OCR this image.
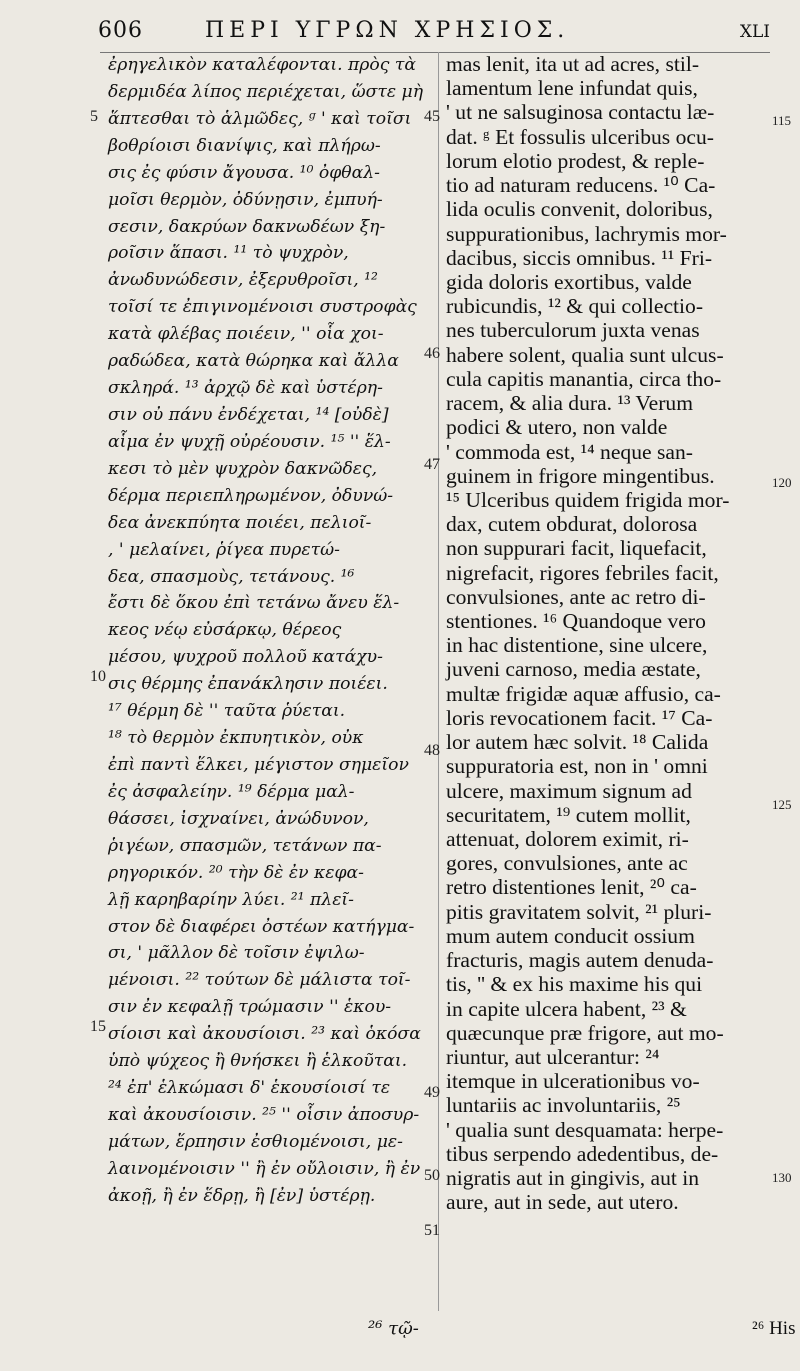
606	ΠΕΡΙ ΥΓΡΩΝ ΧΡΗΣΙΟΣ.	XLI
ἐρηγελικὸν καταλέφονται. πρὸς τὰ
δερμιδέα λίπος περιέχεται, ὥστε μὴ
ἅπτεσθαι τὸ ἁλμῶδες, ᵍ ' καὶ τοῖσι
βοθρίοισι διανίψις, καὶ πλήρω-
σις ἐς φύσιν ἄγουσα. ¹⁰ ὀφθαλ-
μοῖσι θερμὸν, ὀδύνῃσιν, ἐμπυή-
σεσιν, δακρύων δακνωδέων ξη-
ροῖσιν ἅπασι. ¹¹ τὸ ψυχρὸν,
ἀνωδυνώδεσιν, ἐξερυθροῖσι, ¹²
τοῖσί τε ἐπιγινομένοισι συστροφὰς
κατὰ φλέβας ποιέειν, '' οἷα χοι-
ραδώδεα, κατὰ θώρηκα καὶ ἄλλα
σκληρά. ¹³ ἀρχῷ δὲ καὶ ὑστέρη-
σιν οὐ πάνυ ἐνδέχεται, ¹⁴ [οὐδὲ]
αἷμα ἐν ψυχῇ οὐρέουσιν. ¹⁵ '' ἕλ-
κεσι τὸ μὲν ψυχρὸν δακνῶδες,
δέρμα περιεπληρωμένον, ὀδυνώ-
δεα ἀνεκπύητα ποιέει, πελιοῖ-
, ' μελαίνει, ῥίγεα πυρετώ-
δεα, σπασμοὺς, τετάνους. ¹⁶
ἔστι δὲ ὅκου ἐπὶ τετάνω ἄνευ ἕλ-
κεος νέῳ εὐσάρκῳ, θέρεος
μέσου, ψυχροῦ πολλοῦ κατάχυ-
σις θέρμης ἐπανάκλησιν ποιέει.
¹⁷ θέρμη δὲ '' ταῦτα ῥύεται.
¹⁸ τὸ θερμὸν ἐκπυητικὸν, οὐκ
ἐπὶ παντὶ ἕλκει, μέγιστον σημεῖον
ἐς ἀσφαλείην. ¹⁹ δέρμα μαλ-
θάσσει, ἰσχναίνει, ἀνώδυνον,
ῥιγέων, σπασμῶν, τετάνων πα-
ρηγορικόν. ²⁰ τὴν δὲ ἐν κεφα-
λῇ καρηβαρίην λύει. ²¹ πλεῖ-
στον δὲ διαφέρει ὀστέων κατήγμα-
σι, ' μᾶλλον δὲ τοῖσιν ἐψιλω-
μένοισι. ²² τούτων δὲ μάλιστα τοῖ-
σιν ἐν κεφαλῇ τρώμασιν '' ἑκου-
σίοισι καὶ ἀκουσίοισι. ²³ καὶ ὁκόσα
ὑπὸ ψύχεος ἢ θνήσκει ἢ ἑλκοῦται.
²⁴ ἐπ' ἑλκώμασι δ' ἑκουσίοισί τε
καὶ ἀκουσίοισιν. ²⁵ '' οἷσιν ἀποσυρ-
μάτων, ἕρπησιν ἐσθιομένοισι, με-
λαινομένοισιν '' ἢ ἐν οὔλοισιν, ἢ ἐν
ἀκοῇ, ἢ ἐν ἕδρῃ, ἢ [ἐν] ὑστέρῃ.
mas lenit, ita ut ad acres, stil-
lamentum lene infundat quis,
' ut ne salsuginosa contactu læ-
dat. ᵍ Et fossulis ulceribus ocu-
lorum elotio prodest, & reple-
tio ad naturam reducens. ¹⁰ Ca-
lida oculis convenit, doloribus,
suppurationibus, lachrymis mor-
dacibus, siccis omnibus. ¹¹ Fri-
gida doloris exortibus, valde
rubicundis, ¹² & qui collectio-
nes tuberculorum juxta venas
habere solent, qualia sunt ulcus-
cula capitis manantia, circa tho-
racem, & alia dura. ¹³ Verum
podici & utero, non valde
' commoda est, ¹⁴ neque san-
guinem in frigore mingentibus.
¹⁵ Ulceribus quidem frigida mor-
dax, cutem obdurat, dolorosa
non suppurari facit, liquefacit,
nigrefacit, rigores febriles facit,
convulsiones, ante ac retro di-
stentiones. ¹⁶ Quandoque vero
in hac distentione, sine ulcere,
juveni carnoso, media æstate,
multæ frigidæ aquæ affusio, ca-
loris revocationem facit. ¹⁷ Ca-
lor autem hæc solvit. ¹⁸ Calida
suppuratoria est, non in ' omni
ulcere, maximum signum ad
securitatem, ¹⁹ cutem mollit,
attenuat, dolorem eximit, ri-
gores, convulsiones, ante ac
retro distentiones lenit, ²⁰ ca-
pitis gravitatem solvit, ²¹ pluri-
mum autem conducit ossium
fracturis, magis autem denuda-
tis, '' & ex his maxime his qui
in capite ulcera habent, ²³ &
quæcunque præ frigore, aut mo-
riuntur, aut ulcerantur: ²⁴
itemque in ulcerationibus vo-
luntariis ac involuntariis, ²⁵
' qualia sunt desquamata: herpe-
tibus serpendo adedentibus, de-
nigratis aut in gingivis, aut in
aure, aut in sede, aut utero.
5
10
15
45
46
47
48
49
50
51
115
120
125
130
²⁶ τῷ-	²⁶ His
